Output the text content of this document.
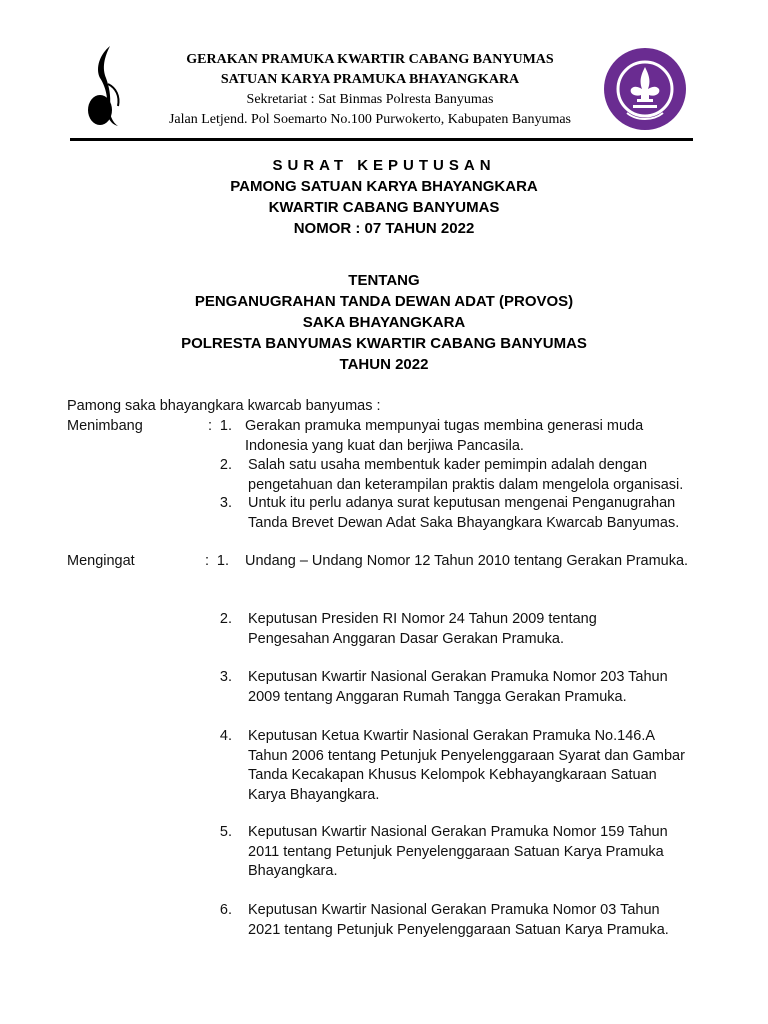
GERAKAN PRAMUKA KWARTIR CABANG BANYUMAS
SATUAN KARYA PRAMUKA BHAYANGKARA
Sekretariat : Sat Binmas Polresta Banyumas
Jalan Letjend. Pol Soemarto No.100 Purwokerto, Kabupaten Banyumas
SURAT KEPUTUSAN
PAMONG SATUAN KARYA BHAYANGKARA
KWARTIR CABANG BANYUMAS
NOMOR : 07 TAHUN 2022
TENTANG
PENGANUGRAHAN TANDA DEWAN ADAT (PROVOS)
SAKA BHAYANGKARA
POLRESTA BANYUMAS KWARTIR CABANG BANYUMAS
TAHUN 2022
Pamong saka bhayangkara kwarcab banyumas :
Menimbang	: 1. Gerakan pramuka mempunyai tugas membina generasi muda Indonesia yang kuat dan berjiwa Pancasila.
2. Salah satu usaha membentuk kader pemimpin adalah dengan pengetahuan dan keterampilan praktis dalam mengelola organisasi.
3. Untuk itu perlu adanya surat keputusan mengenai Penganugrahan Tanda Brevet Dewan Adat Saka Bhayangkara Kwarcab Banyumas.
Mengingat	: 1. Undang – Undang Nomor 12 Tahun 2010 tentang Gerakan Pramuka.
2. Keputusan Presiden RI Nomor 24 Tahun 2009 tentang Pengesahan Anggaran Dasar Gerakan Pramuka.
3. Keputusan Kwartir Nasional Gerakan Pramuka Nomor 203 Tahun 2009 tentang Anggaran Rumah Tangga Gerakan Pramuka.
4. Keputusan Ketua Kwartir Nasional Gerakan Pramuka No.146.A Tahun 2006 tentang Petunjuk Penyelenggaraan Syarat dan Gambar Tanda Kecakapan Khusus Kelompok Kebhayangkaraan Satuan Karya Bhayangkara.
5. Keputusan Kwartir Nasional Gerakan Pramuka Nomor 159 Tahun 2011 tentang Petunjuk Penyelenggaraan Satuan Karya Pramuka Bhayangkara.
6. Keputusan Kwartir Nasional Gerakan Pramuka Nomor 03 Tahun 2021 tentang Petunjuk Penyelenggaraan Satuan Karya Pramuka.
